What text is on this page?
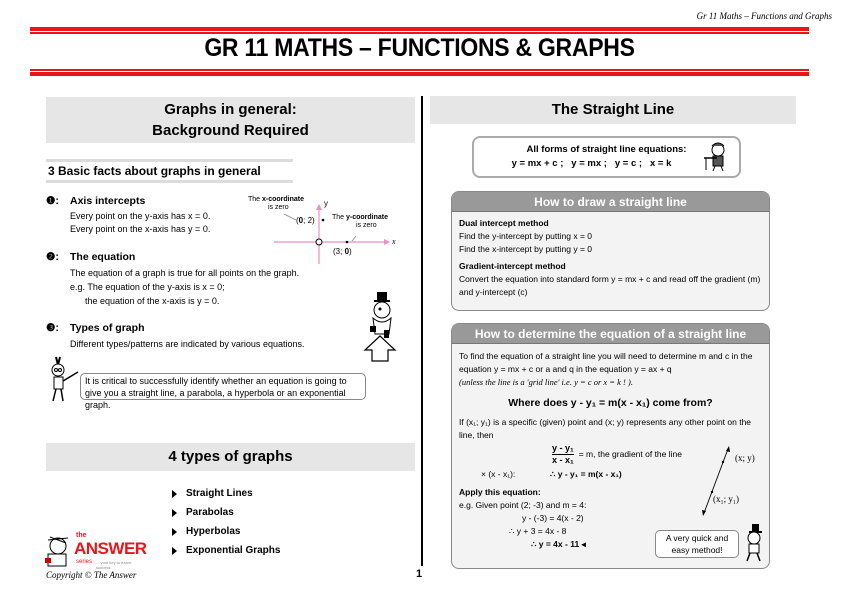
Gr 11 Maths – Functions and Graphs
GR 11 MATHS – FUNCTIONS & GRAPHS
1
Graphs in general:
Background Required
3 Basic facts about graphs in general
❶:	Axis intercepts
Every point on the y-axis has x = 0.
Every point on the x-axis has y = 0.
The x-coordinate
is zero
The y-coordinate
is zero
(0; 2)
(3; 0)
y
x
❷:	The equation
The equation of a graph is true for all points on the graph.
e.g. The equation of the y-axis is x = 0;
the equation of the x-axis is y = 0.
❸:	Types of graph
Different types/patterns are indicated by various equations.
It is critical to successfully identify whether an equation is going to give you a straight line, a parabola, a hyperbola or an exponential graph.
4 types of graphs
Straight Lines
Parabolas
Hyperbolas
Exponential Graphs
the
ANSWER
series ... your key to exam success
Copyright © The Answer
The Straight Line
All forms of straight line equations:
y = mx + c ;   y = mx ;   y = c ;   x = k
How to draw a straight line
Dual intercept method
Find the y-intercept by putting x = 0
Find the x-intercept by putting y = 0
Gradient-intercept method
Convert the equation into standard form y = mx + c and read off the gradient (m) and y-intercept (c)
How to determine the equation of a straight line
To find the equation of a straight line you will need to determine m and c in the equation y = mx + c or a and q in the equation y = ax + q
(unless the line is a 'grid line' i.e. y = c or x = k ! ).
Where does y - y₁ = m(x - x₁) come from?
If (x₁; y₁) is a specific (given) point and (x; y) represents any other point on the line, then
y - y₁
x - x₁
= m, the gradient of the line
× (x - x₁):	∴ y - y₁ = m(x - x₁)
Apply this equation:
e.g. Given point (2; -3) and m = 4:
y - (-3) = 4(x - 2)
∴ y + 3 = 4x - 8
∴ y = 4x - 11 ◂
(x; y)
(x₁; y₁)
A very quick and easy method!
